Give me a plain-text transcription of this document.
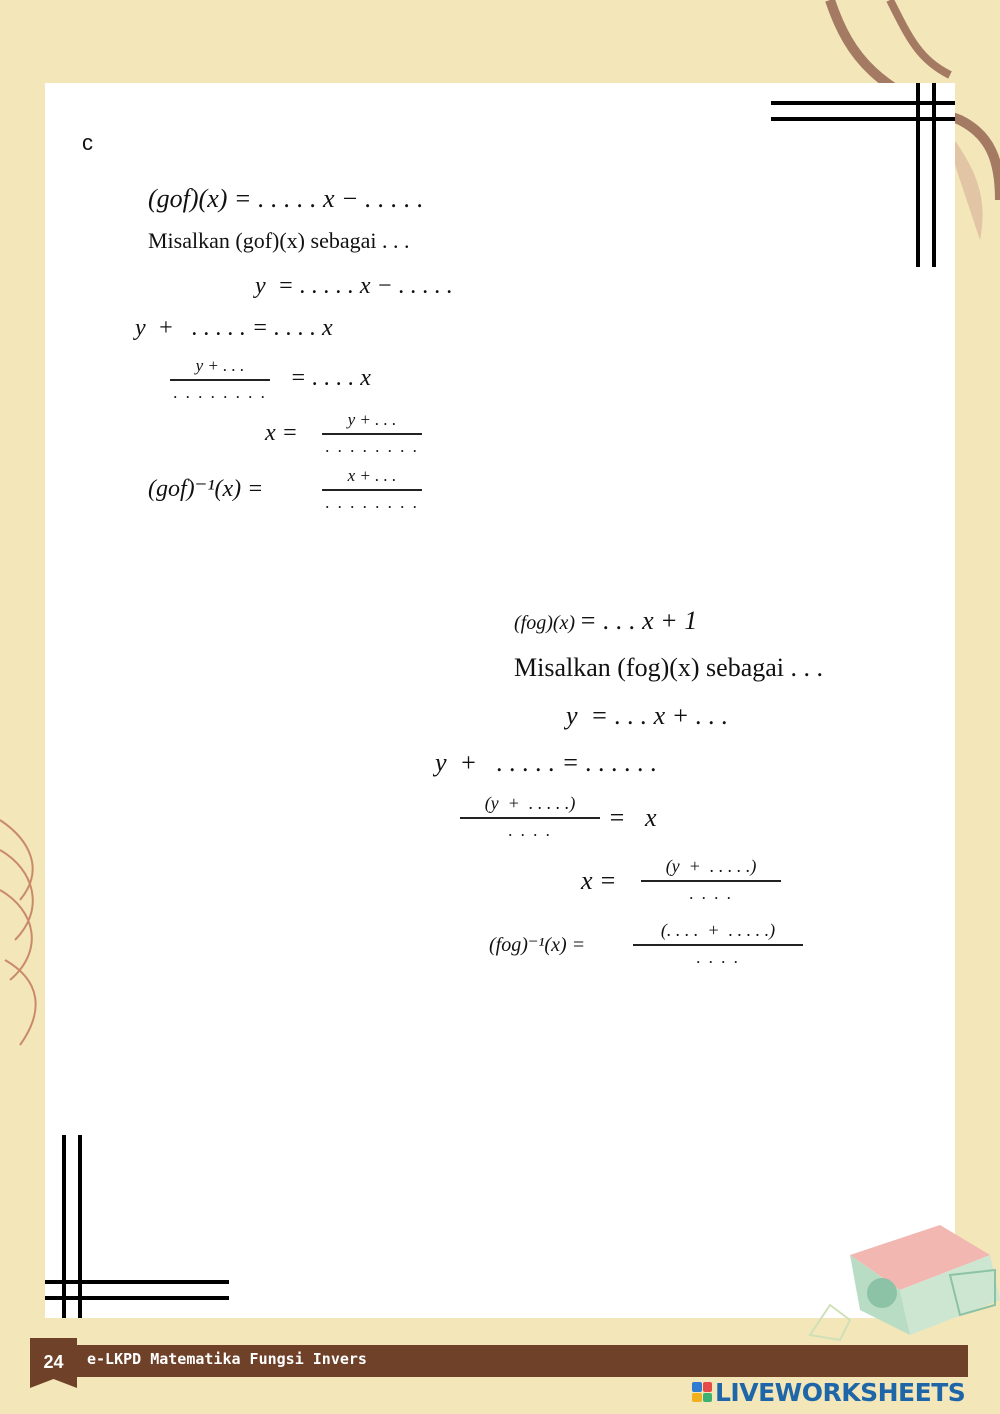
c
(gof)(x) = . . . . . x − . . . . .
Misalkan (gof)(x) sebagai . . .
y  = . . . . . x − . . . . .
y  +   . . . . . = . . . . x
y + . . .
. . . . . . . .
= . . . . x
x =
y + . . .
. . . . . . . .
(gof)⁻¹(x) =
x + . . .
. . . . . . . .
(fog)(x) = . . . x + 1
Misalkan (fog)(x) sebagai . . .
y  = . . . x + . . .
y  +   . . . . . = . . . . . .
(y  +  . . . . .)
. . . .	=   x
x =	(y  +  . . . . .)
. . . .
(fog)⁻¹(x) =
(. . . .  +  . . . . .)
. . . .
24	e-LKPD Matematika Fungsi Invers
LIVEWORKSHEETS
